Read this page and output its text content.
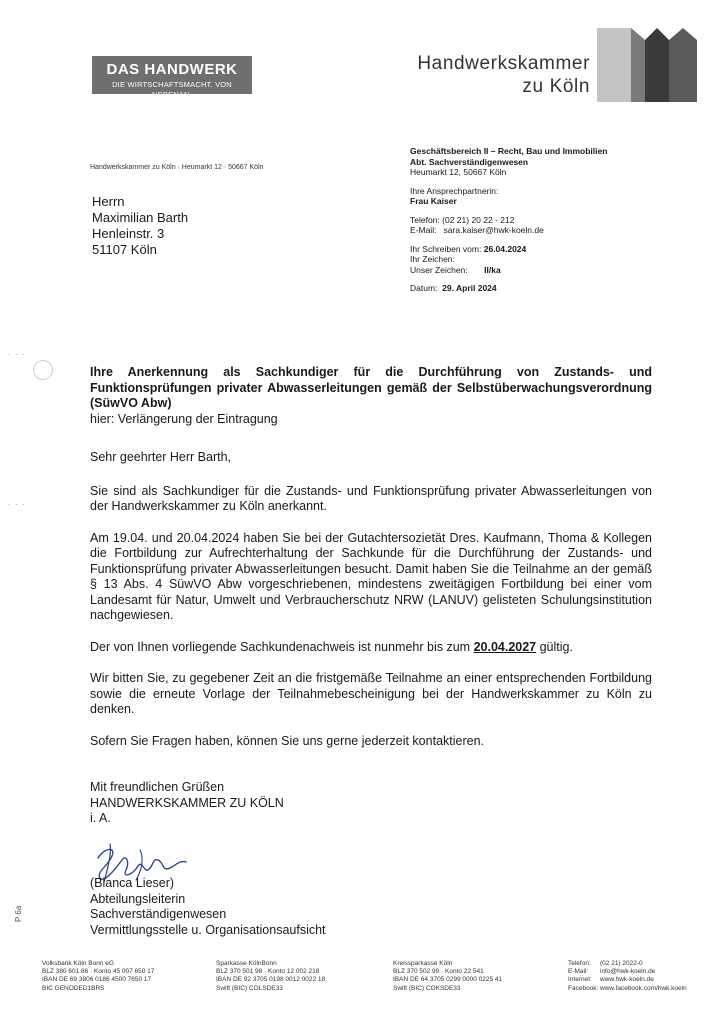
DAS HANDWERK
DIE WIRTSCHAFTSMACHT. VON NEBENAN.
Handwerkskammer
zu Köln
Handwerkskammer zu Köln · Heumarkt 12 · 50667 Köln
Herrn
Maximilian Barth
Henleinstr. 3
51107 Köln
Geschäftsbereich II – Recht, Bau und Immobilien
Abt. Sachverständigenwesen
Heumarkt 12, 50667 Köln
Ihre Ansprechpartnerin:
Frau Kaiser
Telefon: (02 21) 20 22 - 212
E-Mail: sara.kaiser@hwk-koeln.de
Ihr Schreiben vom: 26.04.2024
Ihr Zeichen:
Unser Zeichen: II/ka
Datum: 29. April 2024
· · ·
· · ·
P 6a
Ihre Anerkennung als Sachkundiger für die Durchführung von Zustands- und Funktionsprüfungen privater Abwasserleitungen gemäß der Selbstüberwachungsverordnung (SüwVO Abw)
hier: Verlängerung der Eintragung

Sehr geehrter Herr Barth,

Sie sind als Sachkundiger für die Zustands- und Funktionsprüfung privater Abwasserleitungen von der Handwerkskammer zu Köln anerkannt.

Am 19.04. und 20.04.2024 haben Sie bei der Gutachtersozietät Dres. Kaufmann, Thoma & Kollegen die Fortbildung zur Aufrechterhaltung der Sachkunde für die Durchführung der Zustands- und Funktionsprüfung privater Abwasserleitungen besucht. Damit haben Sie die Teilnahme an der gemäß § 13 Abs. 4 SüwVO Abw vorgeschriebenen, mindestens zweitägigen Fortbildung bei einer vom Landesamt für Natur, Umwelt und Verbraucherschutz NRW (LANUV) gelisteten Schulungsinstitution nachgewiesen.

Der von Ihnen vorliegende Sachkundenachweis ist nunmehr bis zum 20.04.2027 gültig.

Wir bitten Sie, zu gegebener Zeit an die fristgemäße Teilnahme an einer entsprechenden Fortbildung sowie die erneute Vorlage der Teilnahmebescheinigung bei der Handwerkskammer zu Köln zu denken.

Sofern Sie Fragen haben, können Sie uns gerne jederzeit kontaktieren.

Mit freundlichen Grüßen
HANDWERKSKAMMER ZU KÖLN
i. A.
(Bianca Lieser)
Abteilungsleiterin
Sachverständigenwesen
Vermittlungsstelle u. Organisationsaufsicht
Volksbank Köln Bonn eG
BLZ 380 601 86 · Konto 45 007 650 17
IBAN DE 69 3806 0186 4500 7650 17
BIC GENODED1BRS
Sparkasse KölnBonn
BLZ 370 501 98 · Konto 12 002 218
IBAN DE 92 3705 0198 0012 0022 18
Swift (BIC) COLSDE33
Kreissparkasse Köln
BLZ 370 502 99 · Konto 22 541
IBAN DE 64 3705 0299 0000 0225 41
Swift (BIC) COKSDE33
Telefon:	(02 21) 2022-0
E-Mail:	info@hwk-koeln.de
Internet:	www.hwk-koeln.de
Facebook: www.facebook.com/hwk.koeln
